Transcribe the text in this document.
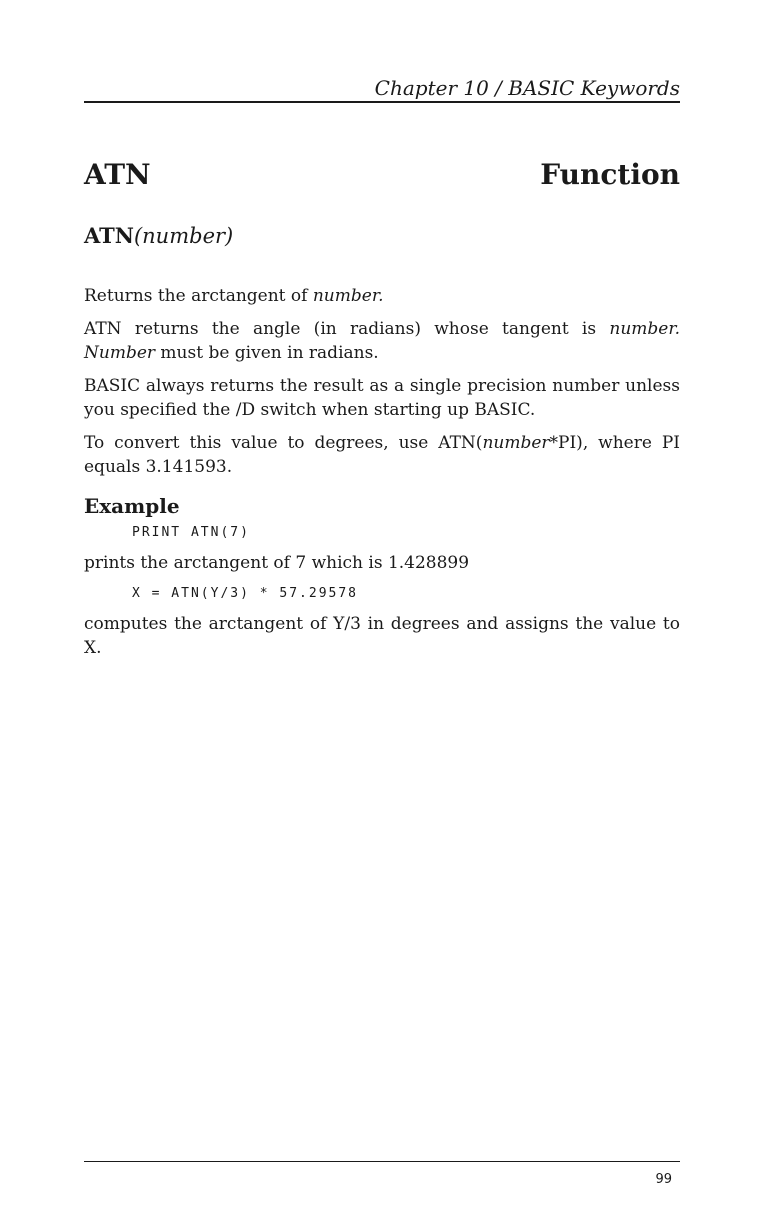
Chapter 10 / BASIC Keywords
ATN	Function
ATN(number)

Returns the arctangent of number.

ATN returns the angle (in radians) whose tangent is number. Number must be given in radians.

BASIC always returns the result as a single precision number unless you specified the /D switch when starting up BASIC.

To convert this value to degrees, use ATN(number*PI), where PI equals 3.141593.

Example
PRINT ATN(7)

prints the arctangent of 7 which is 1.428899

X = ATN(Y/3) * 57.29578

computes the arctangent of Y/3 in degrees and assigns the value to X.

99
